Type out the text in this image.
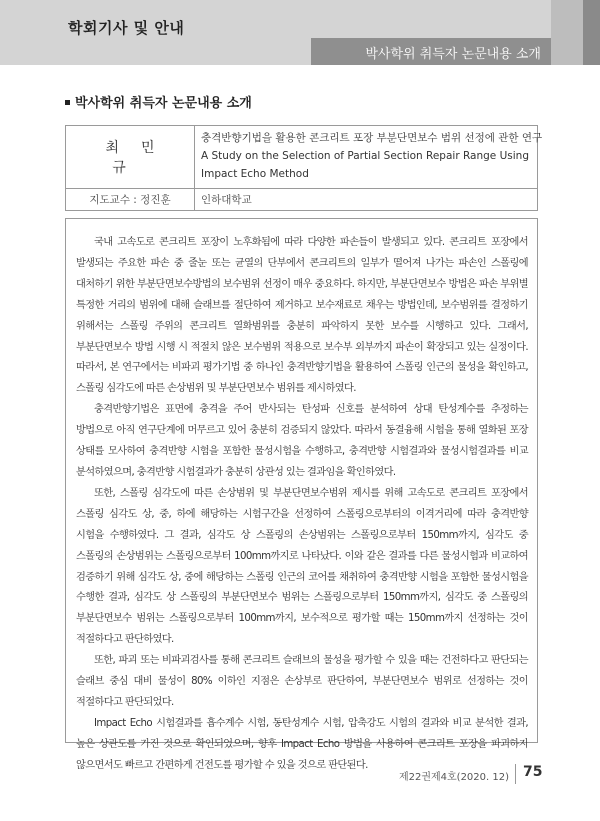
학회기사 및 안내
박사학위 취득자 논문내용 소개
박사학위 취득자 논문내용 소개
최민규	충격반향기법을 활용한 콘크리트 포장 부분단면보수 범위 선정에 관한 연구
A Study on the Selection of Partial Section Repair Range Using Impact Echo Method

지도교수 : 정진훈	인하대학교

국내 고속도로 콘크리트 포장이 노후화됨에 따라 다양한 파손들이 발생되고 있다. 콘크리트 포장에서 발생되는 주요한 파손 중 줄눈 또는 균열의 단부에서 콘크리트의 일부가 떨어져 나가는 파손인 스폴링에 대처하기 위한 부분단면보수방법의 보수범위 선정이 매우 중요하다. 하지만, 부분단면보수 방법은 파손 부위별 특정한 거리의 범위에 대해 슬래브를 절단하여 제거하고 보수재료로 채우는 방법인데, 보수범위를 결정하기 위해서는 스폴링 주위의 콘크리트 열화범위를 충분히 파악하지 못한 보수를 시행하고 있다. 그래서, 부분단면보수 방법 시행 시 적절치 않은 보수범위 적용으로 보수부 외부까지 파손이 확장되고 있는 실정이다. 따라서, 본 연구에서는 비파괴 평가기법 중 하나인 충격반향기법을 활용하여 스폴링 인근의 물성을 확인하고, 스폴링 심각도에 따른 손상범위 및 부분단면보수 범위를 제시하였다.

충격반향기법은 표면에 충격을 주어 반사되는 탄성파 신호를 분석하여 상대 탄성계수를 추정하는 방법으로 아직 연구단계에 머무르고 있어 충분히 검증되지 않았다. 따라서 동결융해 시험을 통해 열화된 포장 상태를 모사하여 충격반향 시험을 포함한 물성시험을 수행하고, 충격반향 시험결과와 물성시험결과를 비교 분석하였으며, 충격반향 시험결과가 충분히 상관성 있는 결과임을 확인하였다.

또한, 스폴링 심각도에 따른 손상범위 및 부분단면보수범위 제시를 위해 고속도로 콘크리트 포장에서 스폴링 심각도 상, 중, 하에 해당하는 시험구간을 선정하여 스폴링으로부터의 이격거리에 따라 충격반향 시험을 수행하였다. 그 결과, 심각도 상 스폴링의 손상범위는 스폴링으로부터 150mm까지, 심각도 중 스폴링의 손상범위는 스폴링으로부터 100mm까지로 나타났다. 이와 같은 결과를 다른 물성시험과 비교하여 검증하기 위해 심각도 상, 중에 해당하는 스폴링 인근의 코어를 채취하여 충격반향 시험을 포함한 물성시험을 수행한 결과, 심각도 상 스폴링의 부분단면보수 범위는 스폴링으로부터 150mm까지, 심각도 중 스폴링의 부분단면보수 범위는 스폴링으로부터 100mm까지, 보수적으로 평가할 때는 150mm까지 선정하는 것이 적절하다고 판단하였다.

또한, 파괴 또는 비파괴검사를 통해 콘크리트 슬래브의 물성을 평가할 수 있을 때는 건전하다고 판단되는 슬래브 중심 대비 물성이 80% 이하인 지점은 손상부로 판단하여, 부분단면보수 범위로 선정하는 것이 적절하다고 판단되었다.

Impact Echo 시험결과를 흡수계수 시험, 동탄성계수 시험, 압축강도 시험의 결과와 비교 분석한 결과, 높은 상관도를 가진 것으로 확인되었으며, 향후 Impact Echo 방법을 사용하여 콘크리트 포장을 파괴하지 않으면서도 빠르고 간편하게 건전도를 평가할 수 있을 것으로 판단된다.

제22권제4호(2020. 12) 75
